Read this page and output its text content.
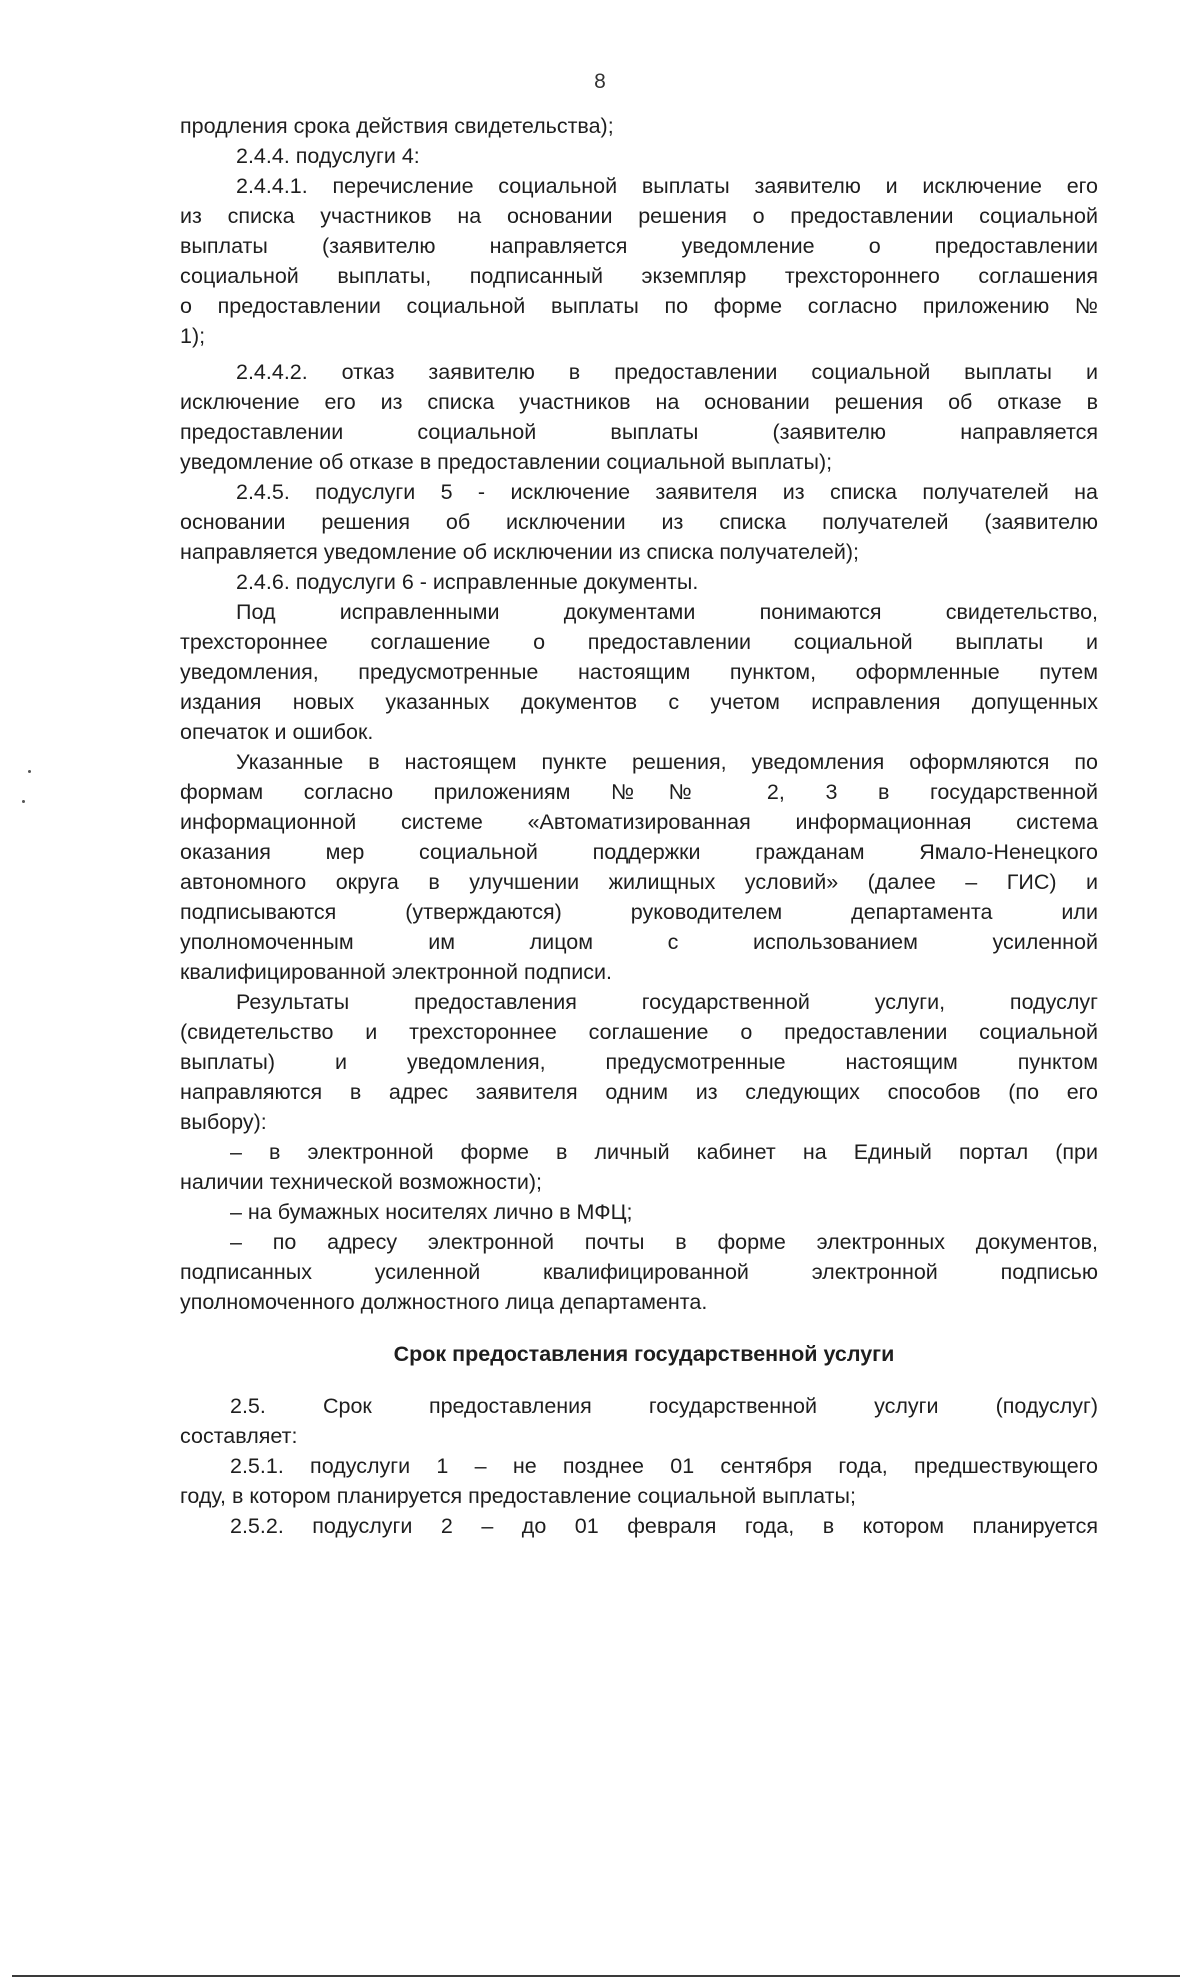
8
продления срока действия свидетельства);
2.4.4. подуслуги 4:
2.4.4.1. перечисление социальной выплаты заявителю и исключение его
из списка участников на основании решения о предоставлении социальной
выплаты (заявителю направляется уведомление о предоставлении
социальной выплаты, подписанный экземпляр трехстороннего соглашения
о предоставлении социальной выплаты по форме согласно приложению №
1);
2.4.4.2. отказ заявителю в предоставлении социальной выплаты и
исключение его из списка участников на основании решения об отказе в
предоставлении социальной выплаты (заявителю направляется
уведомление об отказе в предоставлении социальной выплаты);
2.4.5. подуслуги 5 - исключение заявителя из списка получателей на
основании решения об исключении из списка получателей (заявителю
направляется уведомление об исключении из списка получателей);
2.4.6. подуслуги 6 - исправленные документы.
Под исправленными документами понимаются свидетельство,
трехстороннее соглашение о предоставлении социальной выплаты и
уведомления, предусмотренные настоящим пунктом, оформленные путем
издания новых указанных документов с учетом исправления допущенных
опечаток и ошибок.
Указанные в настоящем пункте решения, уведомления оформляются по
формам согласно приложениям №№ 2, 3 в государственной
информационной системе «Автоматизированная информационная система
оказания мер социальной поддержки гражданам Ямало-Ненецкого
автономного округа в улучшении жилищных условий» (далее – ГИС) и
подписываются (утверждаются) руководителем департамента или
уполномоченным им лицом с использованием усиленной
квалифицированной электронной подписи.
Результаты предоставления государственной услуги, подуслуг
(свидетельство и трехстороннее соглашение о предоставлении социальной
выплаты) и уведомления, предусмотренные настоящим пунктом
направляются в адрес заявителя одним из следующих способов (по его
выбору):
– в электронной форме в личный кабинет на Единый портал (при
наличии технической возможности);
– на бумажных носителях лично в МФЦ;
– по адресу электронной почты в форме электронных документов,
подписанных усиленной квалифицированной электронной подписью
уполномоченного должностного лица департамента.
Срок предоставления государственной услуги
2.5. Срок предоставления государственной услуги (подуслуг)
составляет:
2.5.1. подуслуги 1 – не позднее 01 сентября года, предшествующего
году, в котором планируется предоставление социальной выплаты;
2.5.2. подуслуги 2 – до 01 февраля года, в котором планируется
